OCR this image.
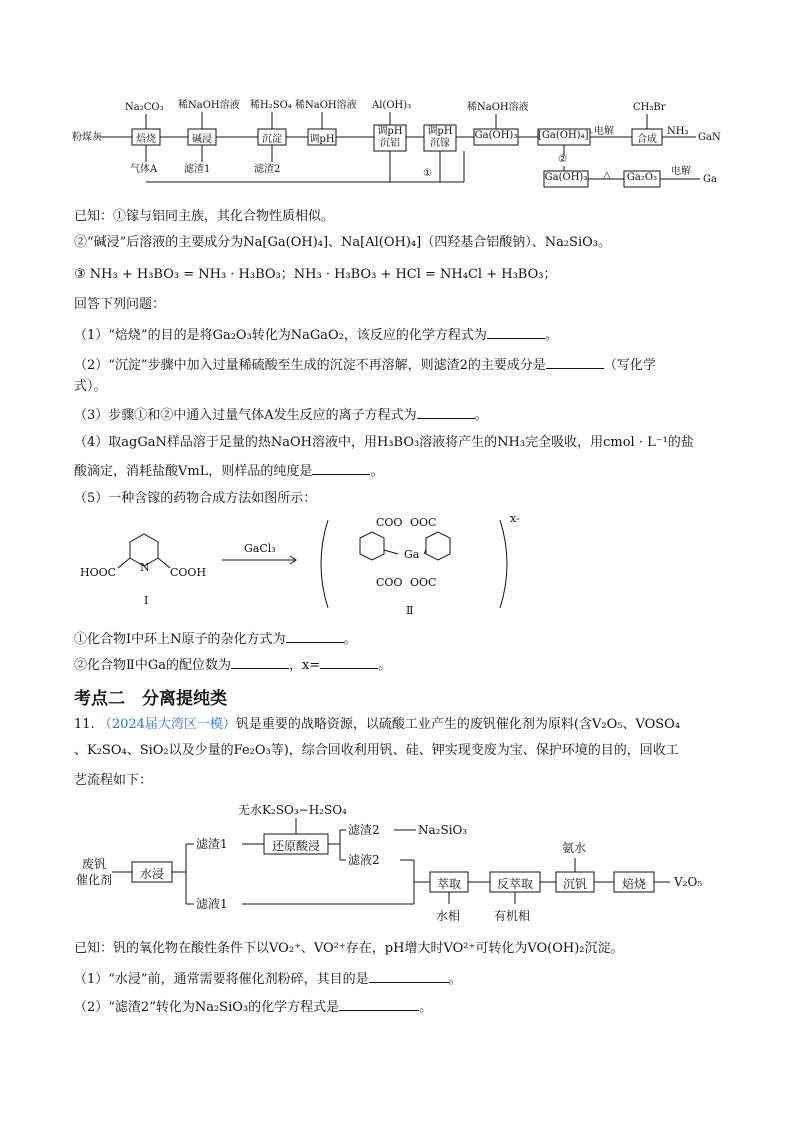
粉煤灰
Na₂CO₃ 稀NaOH溶液 稀H₂SO₄ 稀NaOH溶液 Al(OH)₃	稀NaOH溶液	CH₃Br
NH₃
电解
电解
气体A	滤渣1	滤渣2	①
②
△
GaN
Ga
焙烧	碱浸	沉淀	调pH
调pH
沉铝
调pH
沉镓
Ga(OH)₃ [Ga(OH)₄]⁻	合成
Ga(OH)₃	Ga₂O₃
已知：①镓与铝同主族，其化合物性质相似。
②“碱浸”后溶液的主要成分为Na[Ga(OH)₄]、Na[Al(OH)₄]（四羟基合铝酸钠）、Na₂SiO₃。
③ NH₃ + H₃BO₃ = NH₃ · H₃BO₃；NH₃ · H₃BO₃ + HCl = NH₄Cl + H₃BO₃；
回答下列问题：
（1）“焙烧”的目的是将Ga₂O₃转化为NaGaO₂，该反应的化学方程式为	。
（2）“沉淀”步骤中加入过量稀硫酸至生成的沉淀不再溶解，则滤渣2的主要成分是	（写化学
式）。
（3）步骤①和②中通入过量气体A发生反应的离子方程式为	。
（4）取agGaN样品溶于足量的热NaOH溶液中，用H₃BO₃溶液将产生的NH₃完全吸收，用cmol · L⁻¹的盐
酸滴定，消耗盐酸VmL，则样品的纯度是	。
（5）一种含镓的药物合成方法如图所示：
HOOC N COOH
GaCl₃
Ⅰ
Ga
x-
Ⅱ
COO OOC
COO OOC
①化合物Ⅰ中环上N原子的杂化方式为	。
②化合物Ⅱ中Ga的配位数为	，x=	。
考点二　分离提纯类
11. （2024届大湾区一模）钒是重要的战略资源，以硫酸工业产生的废钒催化剂为原料(含V₂O₅、VOSO₄
、K₂SO₄、SiO₂以及少量的Fe₂O₃等)，综合回收利用钒、硅、钾实现变废为宝、保护环境的目的，回收工
艺流程如下：
无水K₂SO₃−H₂SO₄
滤渣1
滤渣2	Na₂SiO₃
滤液2
滤液1
水相	有机相
氨水
V₂O₅
废钒
催化剂	水浸
还原酸浸
萃取	反萃取	沉钒	焙烧
已知：钒的氧化物在酸性条件下以VO₂⁺、VO²⁺存在，pH增大时VO²⁺可转化为VO(OH)₂沉淀。
（1）“水浸”前，通常需要将催化剂粉碎，其目的是	。
（2）“滤渣2”转化为Na₂SiO₃的化学方程式是	。
